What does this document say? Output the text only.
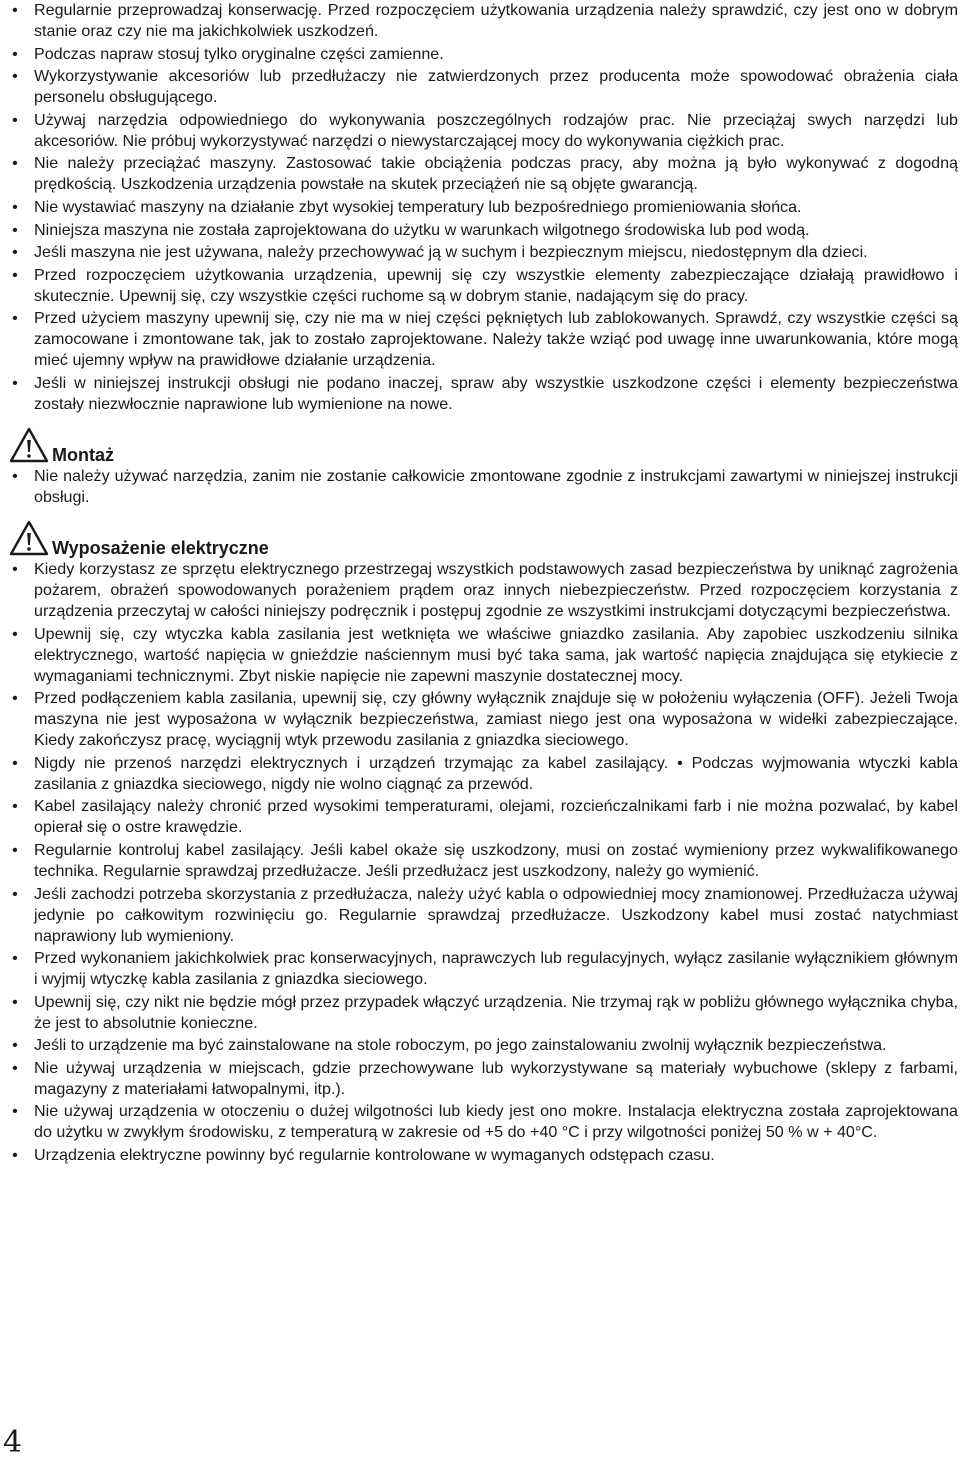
• Regularnie przeprowadzaj konserwację. Przed rozpoczęciem użytkowania urządzenia należy sprawdzić, czy jest ono w dobrym stanie oraz czy nie ma jakichkolwiek uszkodzeń.
• Podczas napraw stosuj tylko oryginalne części zamienne.
• Wykorzystywanie akcesoriów lub przedłużaczy nie zatwierdzonych przez producenta może spowodować obrażenia ciała personelu obsługującego.
• Używaj narzędzia odpowiedniego do wykonywania poszczególnych rodzajów prac. Nie przeciążaj swych narzędzi lub akcesoriów. Nie próbuj wykorzystywać narzędzi o niewystarczającej mocy do wykonywania ciężkich prac.
• Nie należy przeciążać maszyny. Zastosować takie obciążenia podczas pracy, aby można ją było wykonywać z dogodną prędkością. Uszkodzenia urządzenia powstałe na skutek przeciążeń nie są objęte gwarancją.
• Nie wystawiać maszyny na działanie zbyt wysokiej temperatury lub bezpośredniego promieniowania słońca.
• Niniejsza maszyna nie została zaprojektowana do użytku w warunkach wilgotnego środowiska lub pod wodą.
• Jeśli maszyna nie jest używana, należy przechowywać ją w suchym i bezpiecznym miejscu, niedostępnym dla dzieci.
• Przed rozpoczęciem użytkowania urządzenia, upewnij się czy wszystkie elementy zabezpieczające działają prawidłowo i skutecznie. Upewnij się, czy wszystkie części ruchome są w dobrym stanie, nadającym się do pracy.
• Przed użyciem maszyny upewnij się, czy nie ma w niej części pękniętych lub zablokowanych. Sprawdź, czy wszystkie części są zamocowane i zmontowane tak, jak to zostało zaprojektowane. Należy także wziąć pod uwagę inne uwarunkowania, które mogą mieć ujemny wpływ na prawidłowe działanie urządzenia.
• Jeśli w niniejszej instrukcji obsługi nie podano inaczej, spraw aby wszystkie uszkodzone części i elementy bezpieczeństwa zostały niezwłocznie naprawione lub wymienione na nowe.
Montaż
• Nie należy używać narzędzia, zanim nie zostanie całkowicie zmontowane zgodnie z instrukcjami zawartymi w niniejszej instrukcji obsługi.
Wyposażenie elektryczne
• Kiedy korzystasz ze sprzętu elektrycznego przestrzegaj wszystkich podstawowych zasad bezpieczeństwa by uniknąć zagrożenia pożarem, obrażeń spowodowanych porażeniem prądem oraz innych niebezpieczeństw. Przed rozpoczęciem korzystania z urządzenia przeczytaj w całości niniejszy podręcznik i postępuj zgodnie ze wszystkimi instrukcjami dotyczącymi bezpieczeństwa.
• Upewnij się, czy wtyczka kabla zasilania jest wetknięta we właściwe gniazdko zasilania. Aby zapobiec uszkodzeniu silnika elektrycznego, wartość napięcia w gnieździe naściennym musi być taka sama, jak wartość napięcia znajdująca się etykiecie z wymaganiami technicznymi. Zbyt niskie napięcie nie zapewni maszynie dostatecznej mocy.
• Przed podłączeniem kabla zasilania, upewnij się, czy główny wyłącznik znajduje się w położeniu wyłączenia (OFF). Jeżeli Twoja maszyna nie jest wyposażona w wyłącznik bezpieczeństwa, zamiast niego jest ona wyposażona w widełki zabezpieczające. Kiedy zakończysz pracę, wyciągnij wtyk przewodu zasilania z gniazdka sieciowego.
• Nigdy nie przenoś narzędzi elektrycznych i urządzeń trzymając za kabel zasilający. • Podczas wyjmowania wtyczki kabla zasilania z gniazdka sieciowego, nigdy nie wolno ciągnąć za przewód.
• Kabel zasilający należy chronić przed wysokimi temperaturami, olejami, rozcieńczalnikami farb i nie można pozwalać, by kabel opierał się o ostre krawędzie.
• Regularnie kontroluj kabel zasilający. Jeśli kabel okaże się uszkodzony, musi on zostać wymieniony przez wykwalifikowanego technika. Regularnie sprawdzaj przedłużacze. Jeśli przedłużacz jest uszkodzony, należy go wymienić.
• Jeśli zachodzi potrzeba skorzystania z przedłużacza, należy użyć kabla o odpowiedniej mocy znamionowej. Przedłużacza używaj jedynie po całkowitym rozwinięciu go. Regularnie sprawdzaj przedłużacze. Uszkodzony kabel musi zostać natychmiast naprawiony lub wymieniony.
• Przed wykonaniem jakichkolwiek prac konserwacyjnych, naprawczych lub regulacyjnych, wyłącz zasilanie wyłącznikiem głównym i wyjmij wtyczkę kabla zasilania z gniazdka sieciowego.
• Upewnij się, czy nikt nie będzie mógł przez przypadek włączyć urządzenia. Nie trzymaj rąk w pobliżu głównego wyłącznika chyba, że jest to absolutnie konieczne.
• Jeśli to urządzenie ma być zainstalowane na stole roboczym, po jego zainstalowaniu zwolnij wyłącznik bezpieczeństwa.
• Nie używaj urządzenia w miejscach, gdzie przechowywane lub wykorzystywane są materiały wybuchowe (sklepy z farbami, magazyny z materiałami łatwopalnymi, itp.).
• Nie używaj urządzenia w otoczeniu o dużej wilgotności lub kiedy jest ono mokre. Instalacja elektryczna została zaprojektowana do użytku w zwykłym środowisku, z temperaturą w zakresie od +5 do +40 °C i przy wilgotności poniżej 50 % w + 40°C.
• Urządzenia elektryczne powinny być regularnie kontrolowane w wymaganych odstępach czasu.
4
